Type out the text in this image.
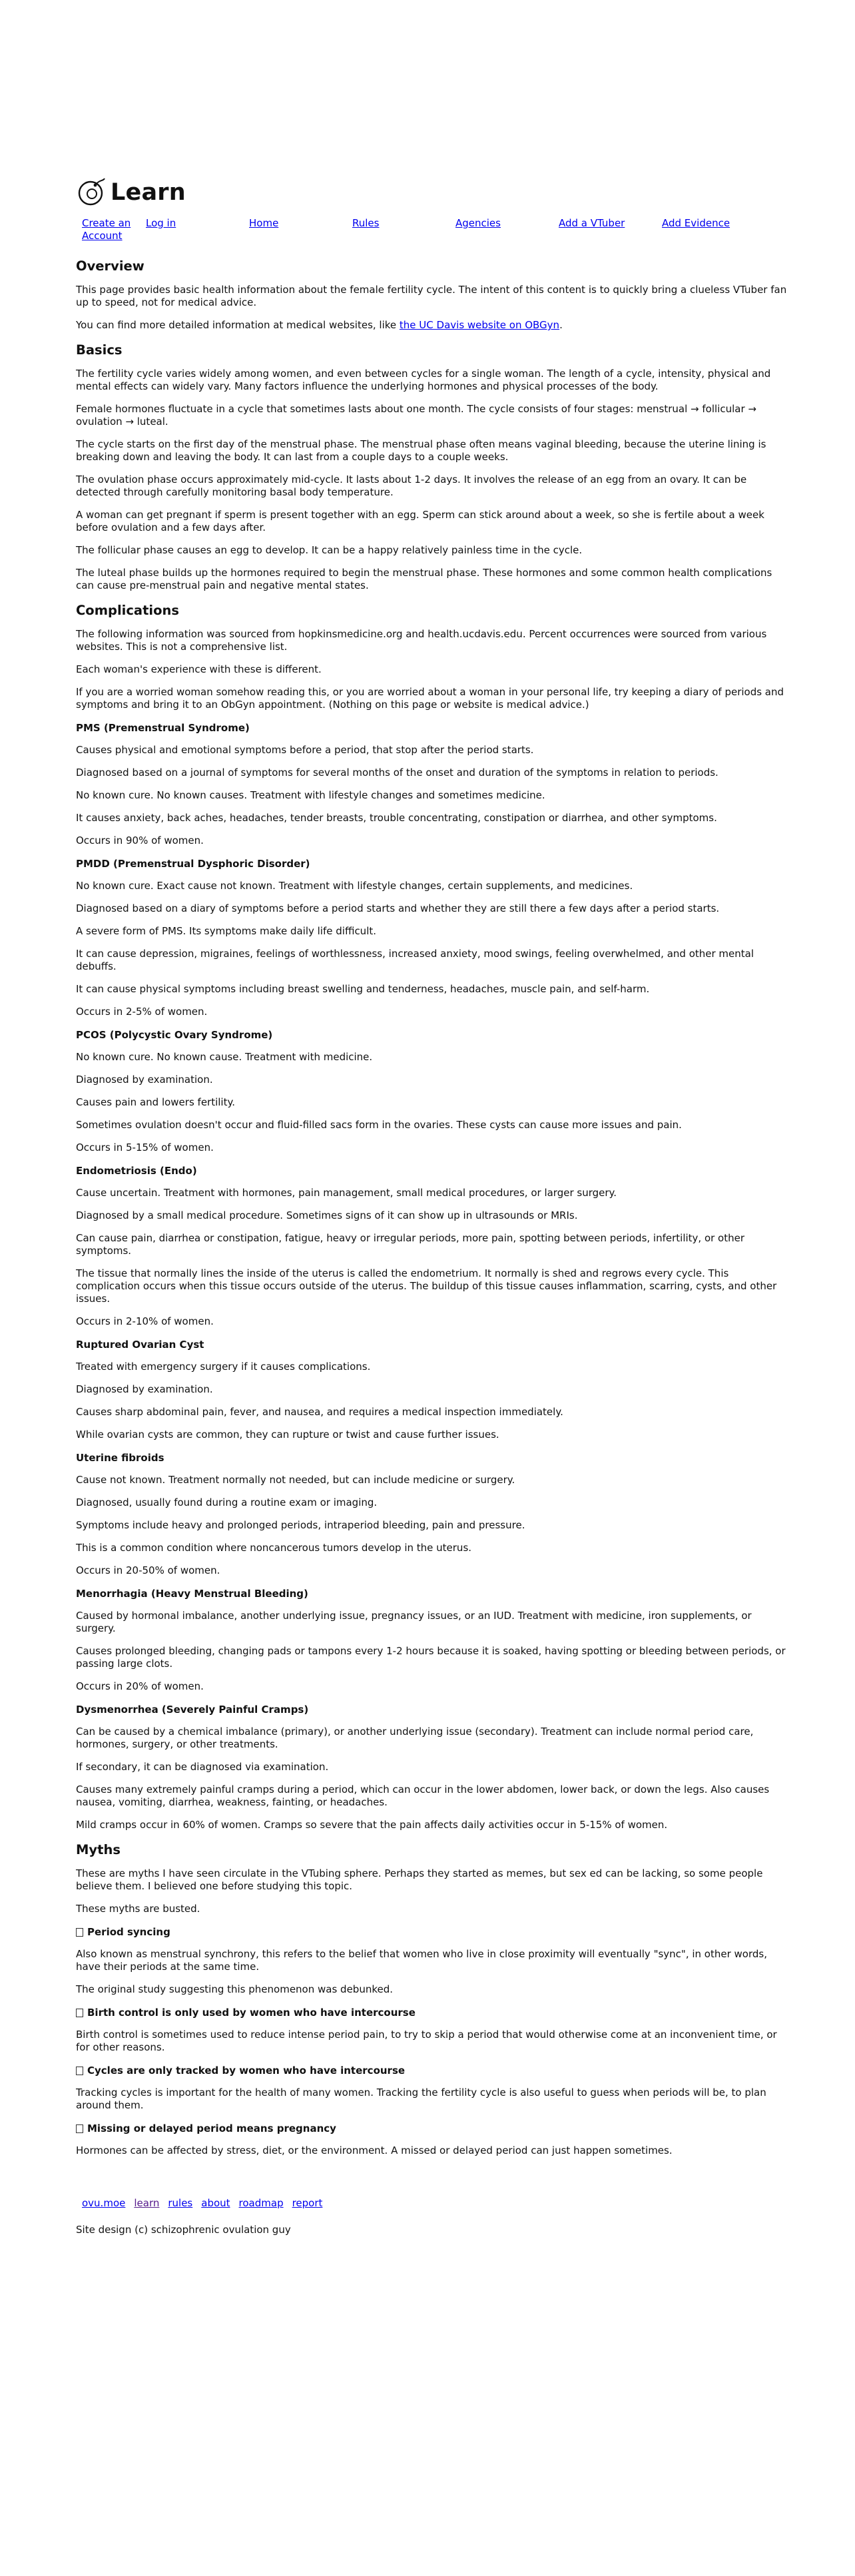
Learn
Create an Account
Log in	Home	Rules	Agencies	Add a VTuber	Add Evidence
Overview

This page provides basic health information about the female fertility cycle. The intent of this content is to quickly bring a clueless VTuber fan up to speed, not for medical advice.

You can find more detailed information at medical websites, like the UC Davis website on OBGyn.

Basics

The fertility cycle varies widely among women, and even between cycles for a single woman. The length of a cycle, intensity, physical and mental effects can widely vary. Many factors influence the underlying hormones and physical processes of the body.

Female hormones fluctuate in a cycle that sometimes lasts about one month. The cycle consists of four stages: menstrual → follicular → ovulation → luteal.

The cycle starts on the first day of the menstrual phase. The menstrual phase often means vaginal bleeding, because the uterine lining is breaking down and leaving the body. It can last from a couple days to a couple weeks.

The ovulation phase occurs approximately mid-cycle. It lasts about 1-2 days. It involves the release of an egg from an ovary. It can be detected through carefully monitoring basal body temperature.

A woman can get pregnant if sperm is present together with an egg. Sperm can stick around about a week, so she is fertile about a week before ovulation and a few days after.

The follicular phase causes an egg to develop. It can be a happy relatively painless time in the cycle.

The luteal phase builds up the hormones required to begin the menstrual phase. These hormones and some common health complications can cause pre-menstrual pain and negative mental states.

Complications

The following information was sourced from hopkinsmedicine.org and health.ucdavis.edu. Percent occurrences were sourced from various websites. This is not a comprehensive list.

Each woman's experience with these is different.

If you are a worried woman somehow reading this, or you are worried about a woman in your personal life, try keeping a diary of periods and symptoms and bring it to an ObGyn appointment. (Nothing on this page or website is medical advice.)

PMS (Premenstrual Syndrome)

Causes physical and emotional symptoms before a period, that stop after the period starts.

Diagnosed based on a journal of symptoms for several months of the onset and duration of the symptoms in relation to periods.

No known cure. No known causes. Treatment with lifestyle changes and sometimes medicine.

It causes anxiety, back aches, headaches, tender breasts, trouble concentrating, constipation or diarrhea, and other symptoms.

Occurs in 90% of women.

PMDD (Premenstrual Dysphoric Disorder)

No known cure. Exact cause not known. Treatment with lifestyle changes, certain supplements, and medicines.

Diagnosed based on a diary of symptoms before a period starts and whether they are still there a few days after a period starts.

A severe form of PMS. Its symptoms make daily life difficult.

It can cause depression, migraines, feelings of worthlessness, increased anxiety, mood swings, feeling overwhelmed, and other mental debuffs.

It can cause physical symptoms including breast swelling and tenderness, headaches, muscle pain, and self-harm.

Occurs in 2-5% of women.

PCOS (Polycystic Ovary Syndrome)

No known cure. No known cause. Treatment with medicine.

Diagnosed by examination.

Causes pain and lowers fertility.

Sometimes ovulation doesn't occur and fluid-filled sacs form in the ovaries. These cysts can cause more issues and pain.

Occurs in 5-15% of women.

Endometriosis (Endo)

Cause uncertain. Treatment with hormones, pain management, small medical procedures, or larger surgery.

Diagnosed by a small medical procedure. Sometimes signs of it can show up in ultrasounds or MRIs.

Can cause pain, diarrhea or constipation, fatigue, heavy or irregular periods, more pain, spotting between periods, infertility, or other symptoms.

The tissue that normally lines the inside of the uterus is called the endometrium. It normally is shed and regrows every cycle. This complication occurs when this tissue occurs outside of the uterus. The buildup of this tissue causes inflammation, scarring, cysts, and other issues.

Occurs in 2-10% of women.

Ruptured Ovarian Cyst

Treated with emergency surgery if it causes complications.

Diagnosed by examination.

Causes sharp abdominal pain, fever, and nausea, and requires a medical inspection immediately.

While ovarian cysts are common, they can rupture or twist and cause further issues.

Uterine fibroids

Cause not known. Treatment normally not needed, but can include medicine or surgery.

Diagnosed, usually found during a routine exam or imaging.

Symptoms include heavy and prolonged periods, intraperiod bleeding, pain and pressure.

This is a common condition where noncancerous tumors develop in the uterus.

Occurs in 20-50% of women.

Menorrhagia (Heavy Menstrual Bleeding)

Caused by hormonal imbalance, another underlying issue, pregnancy issues, or an IUD. Treatment with medicine, iron supplements, or surgery.

Causes prolonged bleeding, changing pads or tampons every 1-2 hours because it is soaked, having spotting or bleeding between periods, or passing large clots.

Occurs in 20% of women.

Dysmenorrhea (Severely Painful Cramps)

Can be caused by a chemical imbalance (primary), or another underlying issue (secondary). Treatment can include normal period care, hormones, surgery, or other treatments.

If secondary, it can be diagnosed via examination.

Causes many extremely painful cramps during a period, which can occur in the lower abdomen, lower back, or down the legs. Also causes nausea, vomiting, diarrhea, weakness, fainting, or headaches.

Mild cramps occur in 60% of women. Cramps so severe that the pain affects daily activities occur in 5-15% of women.

Myths

These are myths I have seen circulate in the VTubing sphere. Perhaps they started as memes, but sex ed can be lacking, so some people believe them. I believed one before studying this topic.

These myths are busted.

Period syncing

Also known as menstrual synchrony, this refers to the belief that women who live in close proximity will eventually "sync", in other words, have their periods at the same time.

The original study suggesting this phenomenon was debunked.

Birth control is only used by women who have intercourse

Birth control is sometimes used to reduce intense period pain, to try to skip a period that would otherwise come at an inconvenient time, or for other reasons.

Cycles are only tracked by women who have intercourse

Tracking cycles is important for the health of many women. Tracking the fertility cycle is also useful to guess when periods will be, to plan around them.

Missing or delayed period means pregnancy

Hormones can be affected by stress, diet, or the environment. A missed or delayed period can just happen sometimes.

ovu.moe learn rules about roadmap report
Site design (c) schizophrenic ovulation guy
